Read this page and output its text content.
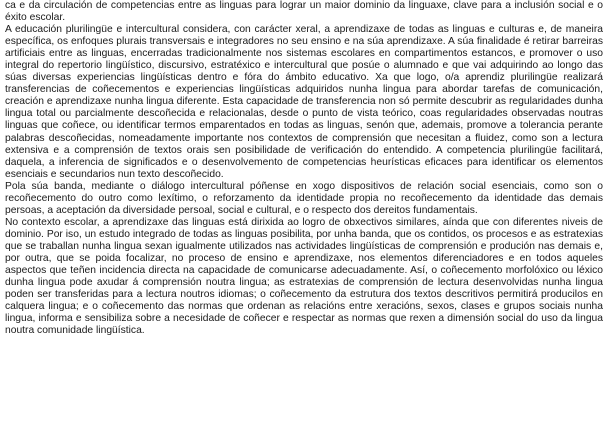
ca e da circulación de competencias entre as linguas para lograr un maior dominio da linguaxe, clave para a inclusión social e o éxito escolar.

A educación plurilingüe e intercultural considera, con carácter xeral, a aprendizaxe de todas as linguas e culturas e, de maneira específica, os enfoques plurais transversais e integradores no seu ensino e na súa aprendizaxe. A súa finalidade é retirar barreiras artificiais entre as linguas, encerradas tradicionalmente nos sistemas escolares en compartimentos estancos, e promover o uso integral do repertorio lingüístico, discursivo, estratéxico e intercultural que posúe o alumnado e que vai adquirindo ao longo das súas diversas experiencias lingüísticas dentro e fóra do ámbito educativo. Xa que logo, o/a aprendiz plurilingüe realizará transferencias de coñecementos e experiencias lingüísticas adquiridos nunha lingua para abordar tarefas de comunicación, creación e aprendizaxe nunha lingua diferente. Esta capacidade de transferencia non só permite descubrir as regularidades dunha lingua total ou parcialmente descoñecida e relacionalas, desde o punto de vista teórico, coas regularidades observadas noutras linguas que coñece, ou identificar termos emparentados en todas as linguas, senón que, ademais, promove a tolerancia perante palabras descoñecidas, nomeadamente importante nos contextos de comprensión que necesitan a fluidez, como son a lectura extensiva e a comprensión de textos orais sen posibilidade de verificación do entendido. A competencia plurilingüe facilitará, daquela, a inferencia de significados e o desenvolvemento de competencias heurísticas eficaces para identificar os elementos esenciais e secundarios nun texto descoñecido.

Pola súa banda, mediante o diálogo intercultural póñense en xogo dispositivos de relación social esenciais, como son o recoñecemento do outro como lexítimo, o reforzamento da identidade propia no recoñecemento da identidade das demais persoas, a aceptación da diversidade persoal, social e cultural, e o respecto dos dereitos fundamentais.

No contexto escolar, a aprendizaxe das linguas está dirixida ao logro de obxectivos similares, aínda que con diferentes niveis de dominio. Por iso, un estudo integrado de todas as linguas posibilita, por unha banda, que os contidos, os procesos e as estratexias que se traballan nunha lingua sexan igualmente utilizados nas actividades lingüísticas de comprensión e produción nas demais e, por outra, que se poida focalizar, no proceso de ensino e aprendizaxe, nos elementos diferenciadores e en todos aqueles aspectos que teñen incidencia directa na capacidade de comunicarse adecuadamente. Así, o coñecemento morfolóxico ou léxico dunha lingua pode axudar á comprensión noutra lingua; as estratexias de comprensión de lectura desenvolvidas nunha lingua poden ser transferidas para a lectura noutros idiomas; o coñecemento da estrutura dos textos descritivos permitirá producilos en calquera lingua; e o coñecemento das normas que ordenan as relacións entre xeracións, sexos, clases e grupos sociais nunha lingua, informa e sensibiliza sobre a necesidade de coñecer e respectar as normas que rexen a dimensión social do uso da lingua noutra comunidade lingüística.
